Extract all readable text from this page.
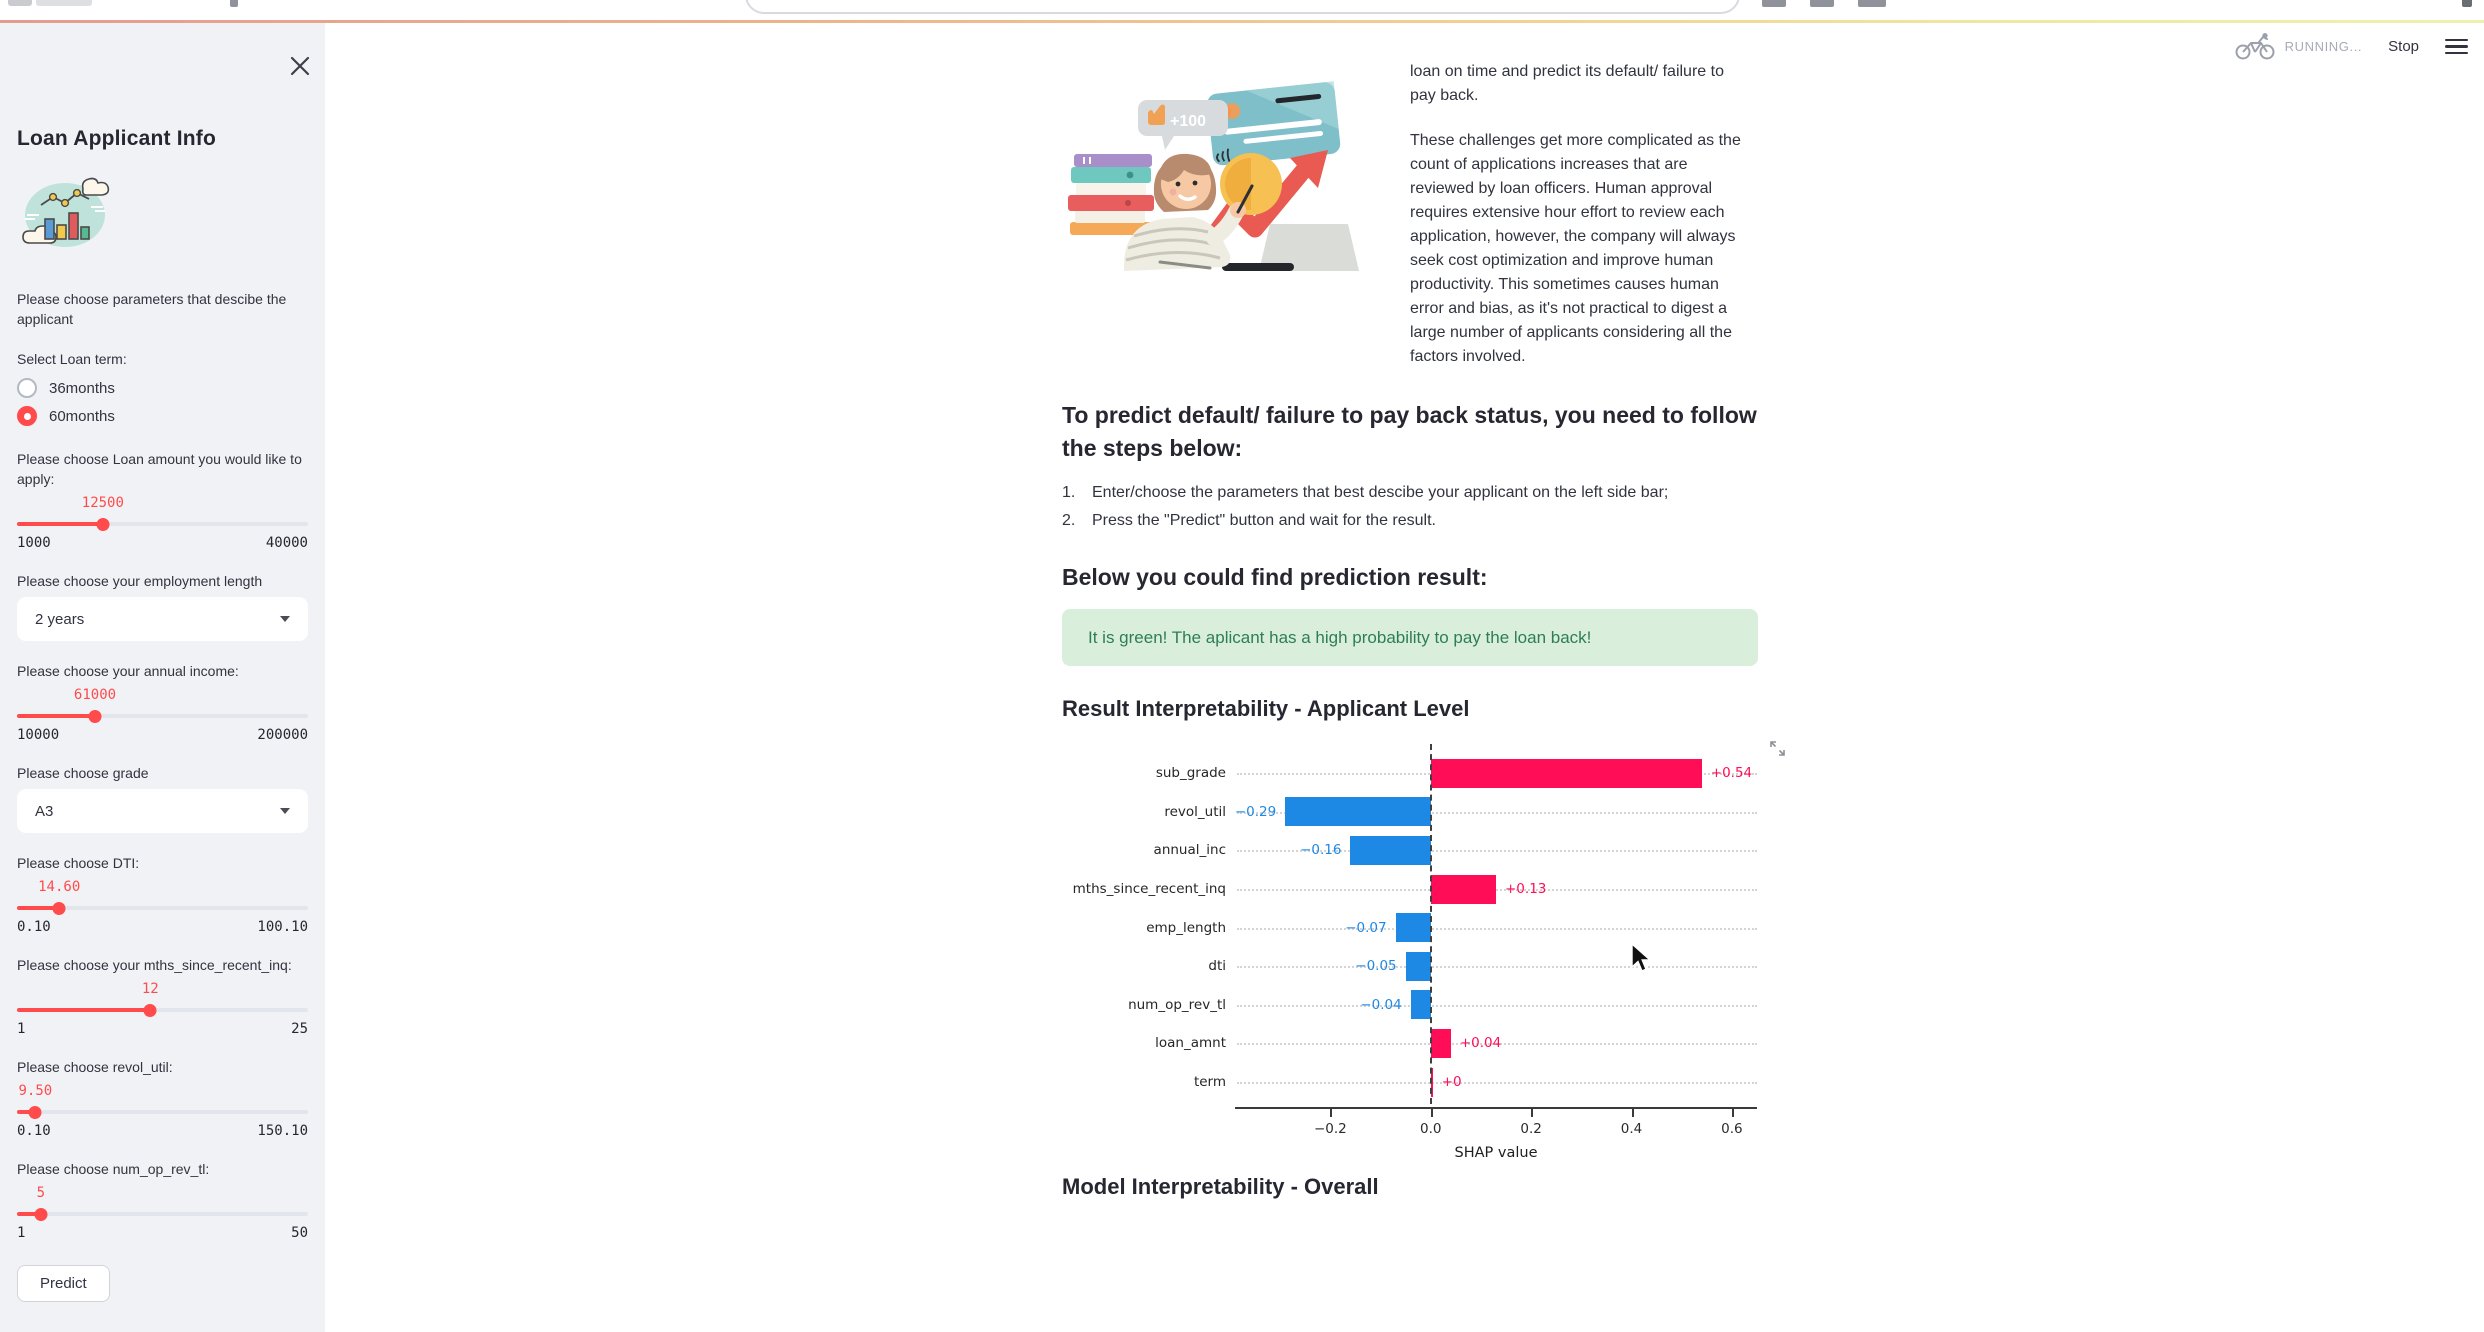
Loan Applicant Info
Please choose parameters that descibe the applicant
Select Loan term:
36months
60months
Please choose Loan amount you would like to apply:
12500
1000	40000
Please choose your employment length
2 years
Please choose your annual income:
61000
10000	200000
Please choose grade
A3
Please choose DTI:
14.60
0.10	100.10
Please choose your mths_since_recent_inq:
12
1	25
Please choose revol_util:
9.50
0.10	150.10
Please choose num_op_rev_tl:
5
1	50
Predict
RUNNING... Stop
+100

loan on time and predict its default/ failure to pay back.

These challenges get more complicated as the count of applications increases that are reviewed by loan officers. Human approval requires extensive hour effort to review each application, however, the company will always seek cost optimization and improve human productivity. This sometimes causes human error and bias, as it's not practical to digest a large number of applicants considering all the factors involved.

To predict default/ failure to pay back status, you need to follow the steps below:
1.	Enter/choose the parameters that best descibe your applicant on the left side bar;
2.	Press the "Predict" button and wait for the result.
Below you could find prediction result:
It is green! The aplicant has a high probability to pay the loan back!
Result Interpretability - Applicant Level
sub_grade	+0.54
revol_util −0.29
annual_inc	−0.16
mths_since_recent_inq	+0.13
emp_length	−0.07
dti	−0.05
num_op_rev_tl	−0.04
loan_amnt	+0.04
term	+0
SHAP value
−0.2	0.0	0.2	0.4	0.6
Model Interpretability - Overall
